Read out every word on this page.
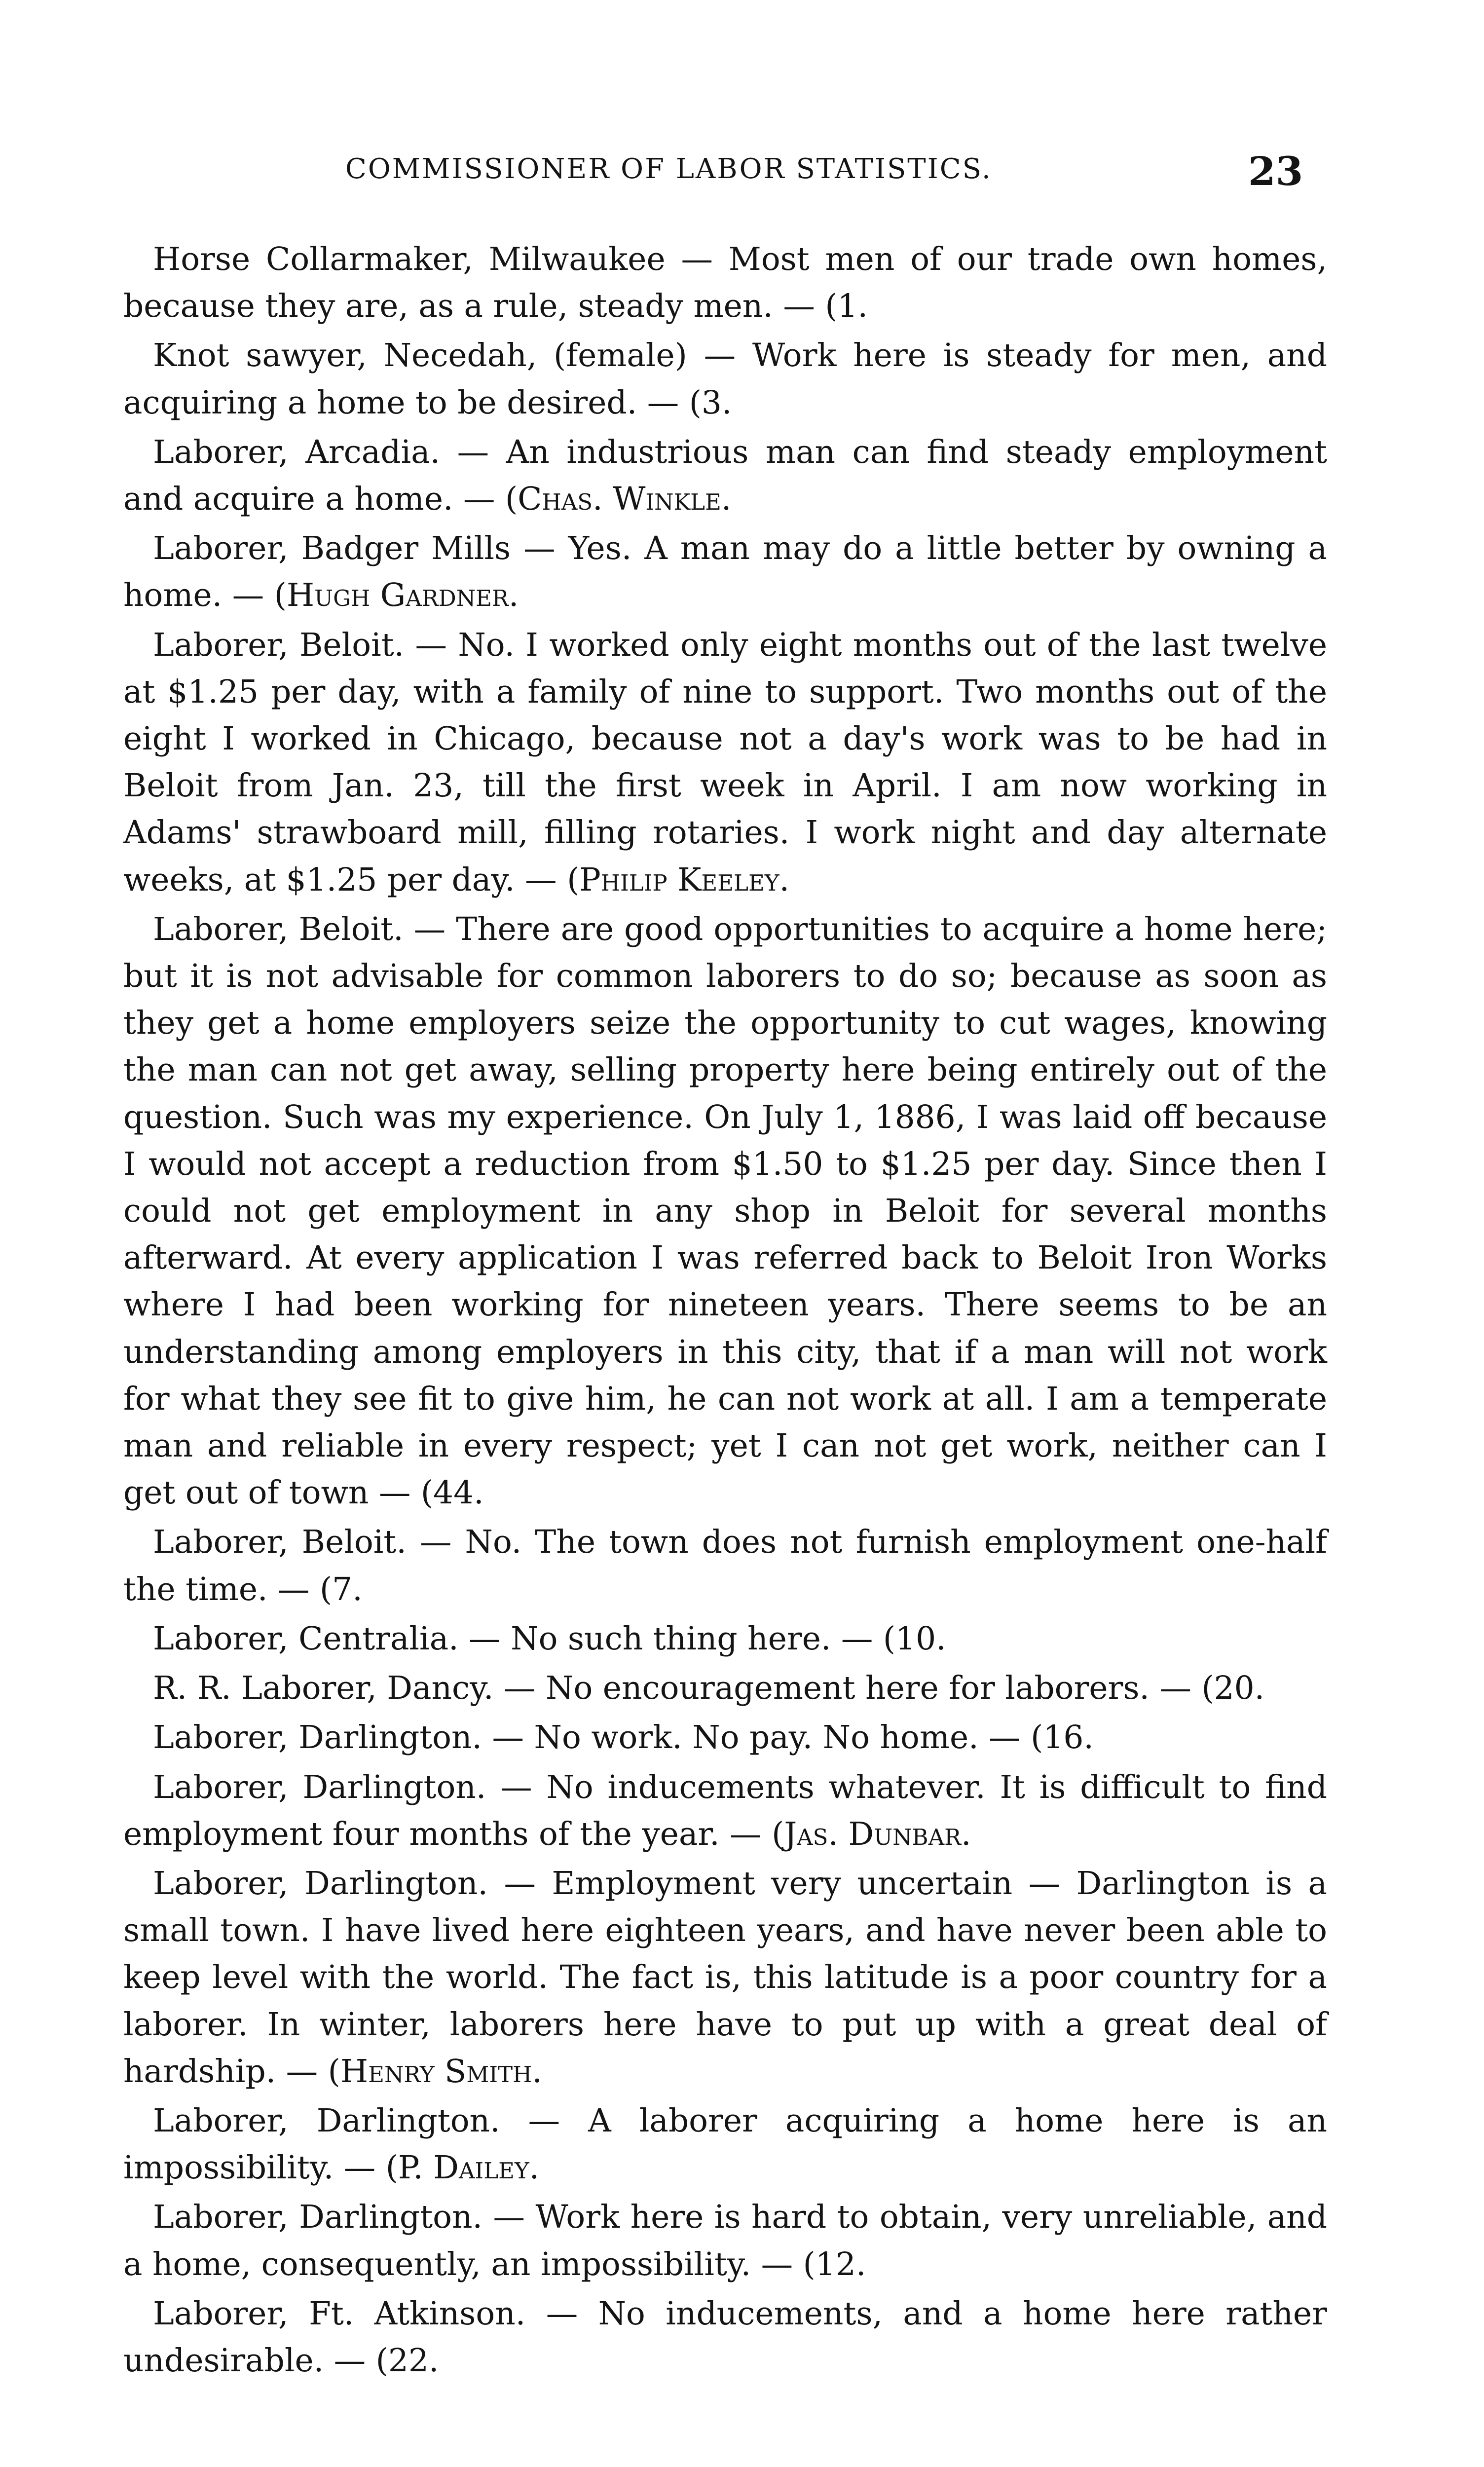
COMMISSIONER OF LABOR STATISTICS.	23

Horse Collarmaker, Milwaukee — Most men of our trade own homes, because they are, as a rule, steady men. — (1.

Knot sawyer, Necedah, (female) — Work here is steady for men, and acquiring a home to be desired. — (3.

Laborer, Arcadia. — An industrious man can find steady employment and acquire a home. — (Chas. Winkle.

Laborer, Badger Mills — Yes. A man may do a little better by owning a home. — (Hugh Gardner.

Laborer, Beloit. — No. I worked only eight months out of the last twelve at $1.25 per day, with a family of nine to support. Two months out of the eight I worked in Chicago, because not a day's work was to be had in Beloit from Jan. 23, till the first week in April. I am now working in Adams' strawboard mill, filling rotaries. I work night and day alternate weeks, at $1.25 per day. — (Philip Keeley.

Laborer, Beloit. — There are good opportunities to acquire a home here; but it is not advisable for common laborers to do so; because as soon as they get a home employers seize the opportunity to cut wages, knowing the man can not get away, selling property here being entirely out of the question. Such was my experience. On July 1, 1886, I was laid off because I would not accept a reduction from $1.50 to $1.25 per day. Since then I could not get employment in any shop in Beloit for several months afterward. At every application I was referred back to Beloit Iron Works where I had been working for nineteen years. There seems to be an understanding among employers in this city, that if a man will not work for what they see fit to give him, he can not work at all. I am a temperate man and reliable in every respect; yet I can not get work, neither can I get out of town — (44.

Laborer, Beloit. — No. The town does not furnish employment one-half the time. — (7.

Laborer, Centralia. — No such thing here. — (10.

R. R. Laborer, Dancy. — No encouragement here for laborers. — (20.

Laborer, Darlington. — No work. No pay. No home. — (16.

Laborer, Darlington. — No inducements whatever. It is difficult to find employment four months of the year. — (Jas. Dunbar.

Laborer, Darlington. — Employment very uncertain — Darlington is a small town. I have lived here eighteen years, and have never been able to keep level with the world. The fact is, this latitude is a poor country for a laborer. In winter, laborers here have to put up with a great deal of hardship. — (Henry Smith.

Laborer, Darlington. — A laborer acquiring a home here is an impossibility. — (P. Dailey.

Laborer, Darlington. — Work here is hard to obtain, very unreliable, and a home, consequently, an impossibility. — (12.

Laborer, Ft. Atkinson. — No inducements, and a home here rather undesirable. — (22.
